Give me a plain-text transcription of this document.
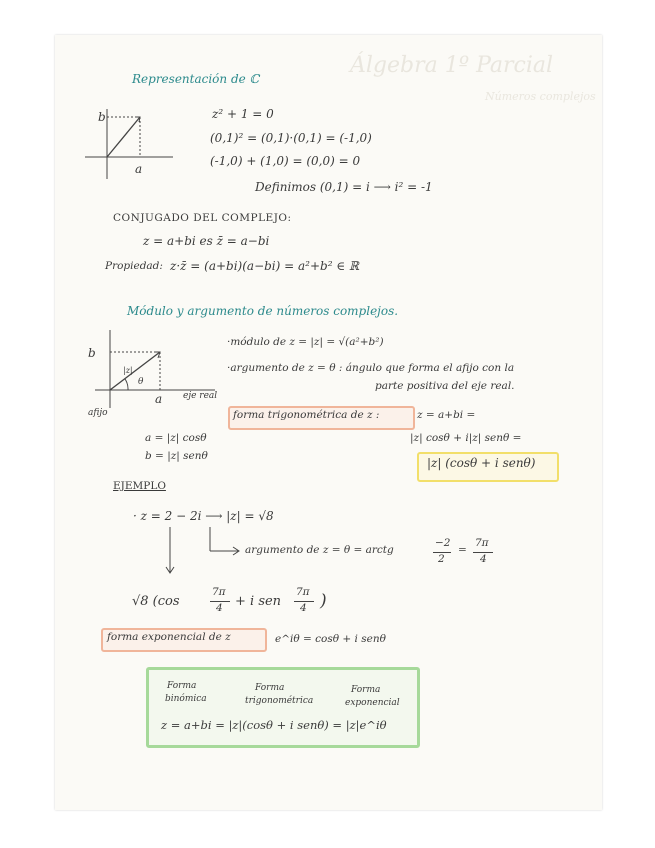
Álgebra 1º Parcial
Números complejos
Representación de ℂ
b
a
z² + 1 = 0
(0,1)² = (0,1)·(0,1) = (-1,0)
(-1,0) + (1,0) = (0,0) = 0
Definimos (0,1) = i ⟶ i² = -1
CONJUGADO DEL COMPLEJO:
z = a+bi es z̄ = a−bi
Propiedad: z·z̄ = (a+bi)(a−bi) = a²+b² ∈ ℝ
Módulo y argumento de números complejos.
b
a
|z|
θ
eje real
afijo
·módulo de z = |z| = √(a²+b²)
·argumento de z = θ : ángulo que forma el afijo con la
parte positiva del eje real.
forma trigonométrica de z :	z = a+bi =
|z| cosθ + i|z| senθ =
|z| (cosθ + i senθ)
a = |z| cosθ
b = |z| senθ
EJEMPLO
· z = 2 − 2i ⟶ |z| = √8
argumento de z = θ = arctg
−2
2
=
7π
4
√8 (cos
7π
4 + i sen
7π
4 )
forma exponencial de z	e^iθ = cosθ + i senθ
Forma
binómica
Forma
trigonométrica
Forma
exponencial
z = a+bi = |z|(cosθ + i senθ) = |z|e^iθ
